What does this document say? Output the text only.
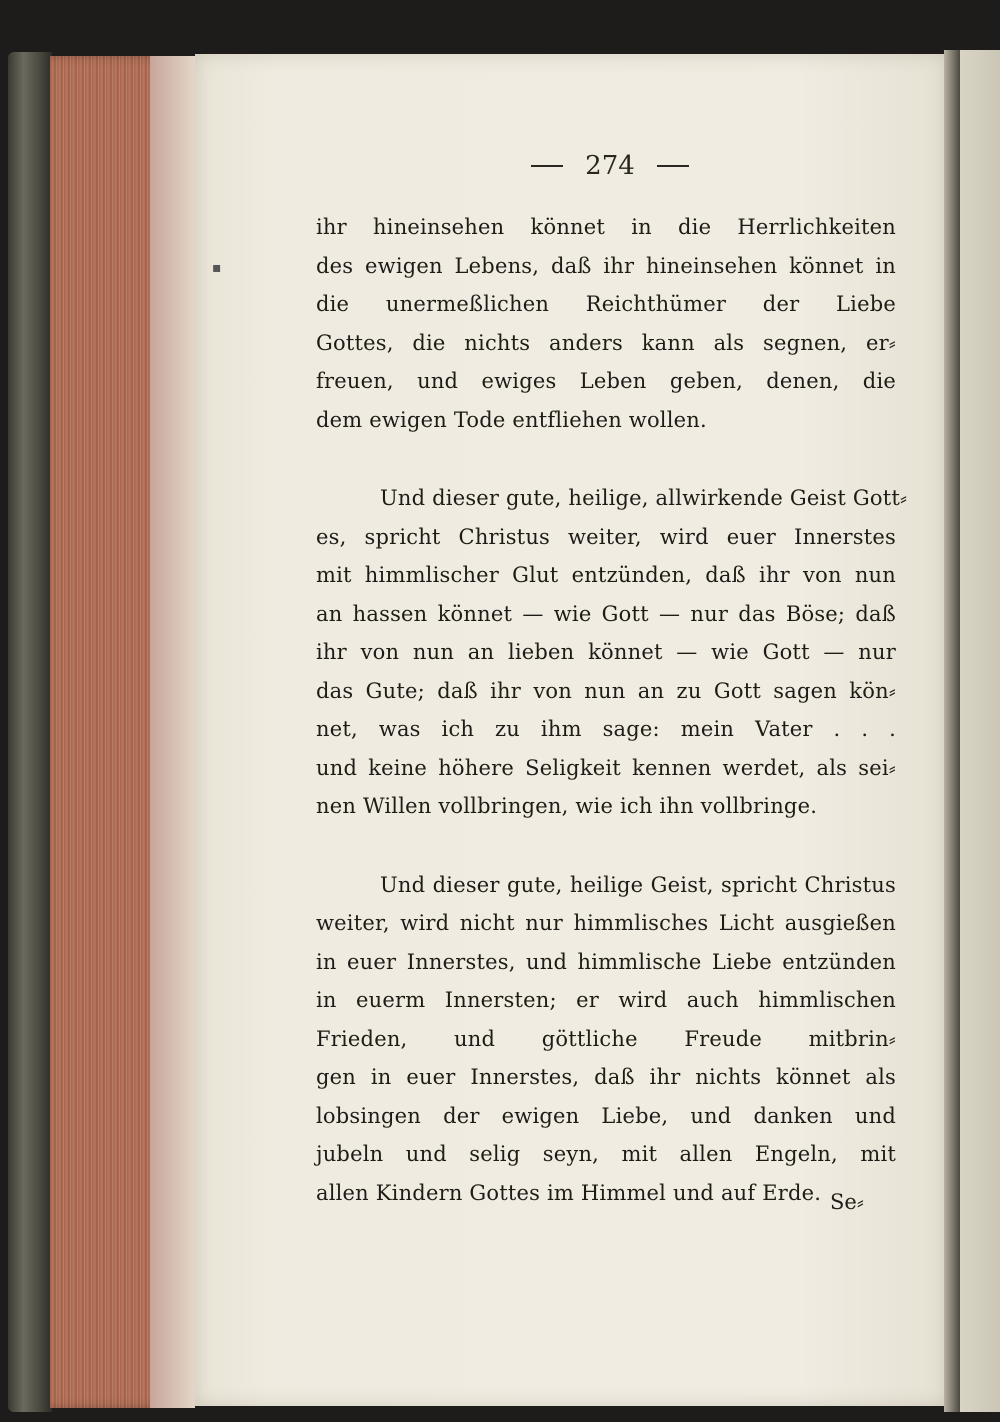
▪
274
ihr hineinsehen könnet in die Herrlichkeiten
des ewigen Lebens, daß ihr hineinsehen könnet in
die unermeßlichen Reichthümer der Liebe
Gottes, die nichts anders kann als segnen, er⸗
freuen, und ewiges Leben geben, denen, die
dem ewigen Tode entfliehen wollen.
Und dieser gute, heilige, allwirkende Geist Gott⸗
es, spricht Christus weiter, wird euer Innerstes
mit himmlischer Glut entzünden, daß ihr von nun
an hassen könnet — wie Gott — nur das Böse; daß
ihr von nun an lieben könnet — wie Gott — nur
das Gute; daß ihr von nun an zu Gott sagen kön⸗
net, was ich zu ihm sage: mein Vater . . .
und keine höhere Seligkeit kennen werdet, als sei⸗
nen Willen vollbringen, wie ich ihn vollbringe.
Und dieser gute, heilige Geist, spricht Christus
weiter, wird nicht nur himmlisches Licht ausgießen
in euer Innerstes, und himmlische Liebe entzünden
in euerm Innersten; er wird auch himmlischen
Frieden, und göttliche Freude mitbrin⸗
gen in euer Innerstes, daß ihr nichts könnet als
lobsingen der ewigen Liebe, und danken und
jubeln und selig seyn, mit allen Engeln, mit
allen Kindern Gottes im Himmel und auf Erde. Se⸗
